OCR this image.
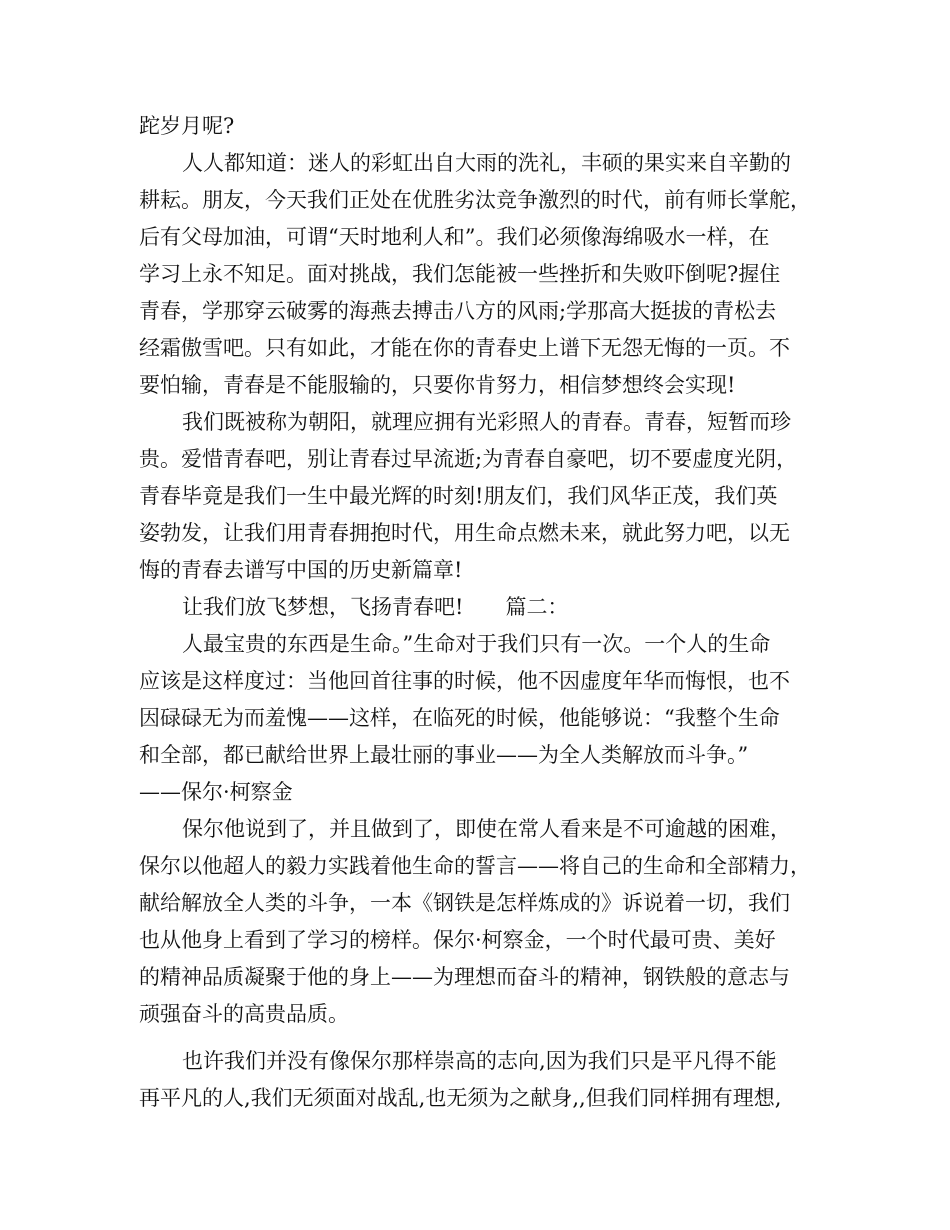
跎岁月呢?
人人都知道：迷人的彩虹出自大雨的洗礼，丰硕的果实来自辛勤的
耕耘。朋友，今天我们正处在优胜劣汰竞争激烈的时代，前有师长掌舵，
后有父母加油，可谓“天时地利人和”。我们必须像海绵吸水一样，在
学习上永不知足。面对挑战，我们怎能被一些挫折和失败吓倒呢?握住
青春，学那穿云破雾的海燕去搏击八方的风雨;学那高大挺拔的青松去
经霜傲雪吧。只有如此，才能在你的青春史上谱下无怨无悔的一页。不
要怕输，青春是不能服输的，只要你肯努力，相信梦想终会实现!
我们既被称为朝阳，就理应拥有光彩照人的青春。青春，短暂而珍
贵。爱惜青春吧，别让青春过早流逝;为青春自豪吧，切不要虚度光阴，
青春毕竟是我们一生中最光辉的时刻!朋友们，我们风华正茂，我们英
姿勃发，让我们用青春拥抱时代，用生命点燃未来，就此努力吧，以无
悔的青春去谱写中国的历史新篇章!
让我们放飞梦想，飞扬青春吧!　　篇二：
人最宝贵的东西是生命。”生命对于我们只有一次。一个人的生命
应该是这样度过：当他回首往事的时候，他不因虚度年华而悔恨，也不
因碌碌无为而羞愧——这样，在临死的时候，他能够说：“我整个生命
和全部，都已献给世界上最壮丽的事业——为全人类解放而斗争。”
——保尔·柯察金
保尔他说到了，并且做到了，即使在常人看来是不可逾越的困难，
保尔以他超人的毅力实践着他生命的誓言——将自己的生命和全部精力，
献给解放全人类的斗争，一本《钢铁是怎样炼成的》诉说着一切，我们
也从他身上看到了学习的榜样。保尔·柯察金，一个时代最可贵、美好
的精神品质凝聚于他的身上——为理想而奋斗的精神，钢铁般的意志与
顽强奋斗的高贵品质。
也许我们并没有像保尔那样崇高的志向,因为我们只是平凡得不能
再平凡的人,我们无须面对战乱,也无须为之献身,,但我们同样拥有理想,
